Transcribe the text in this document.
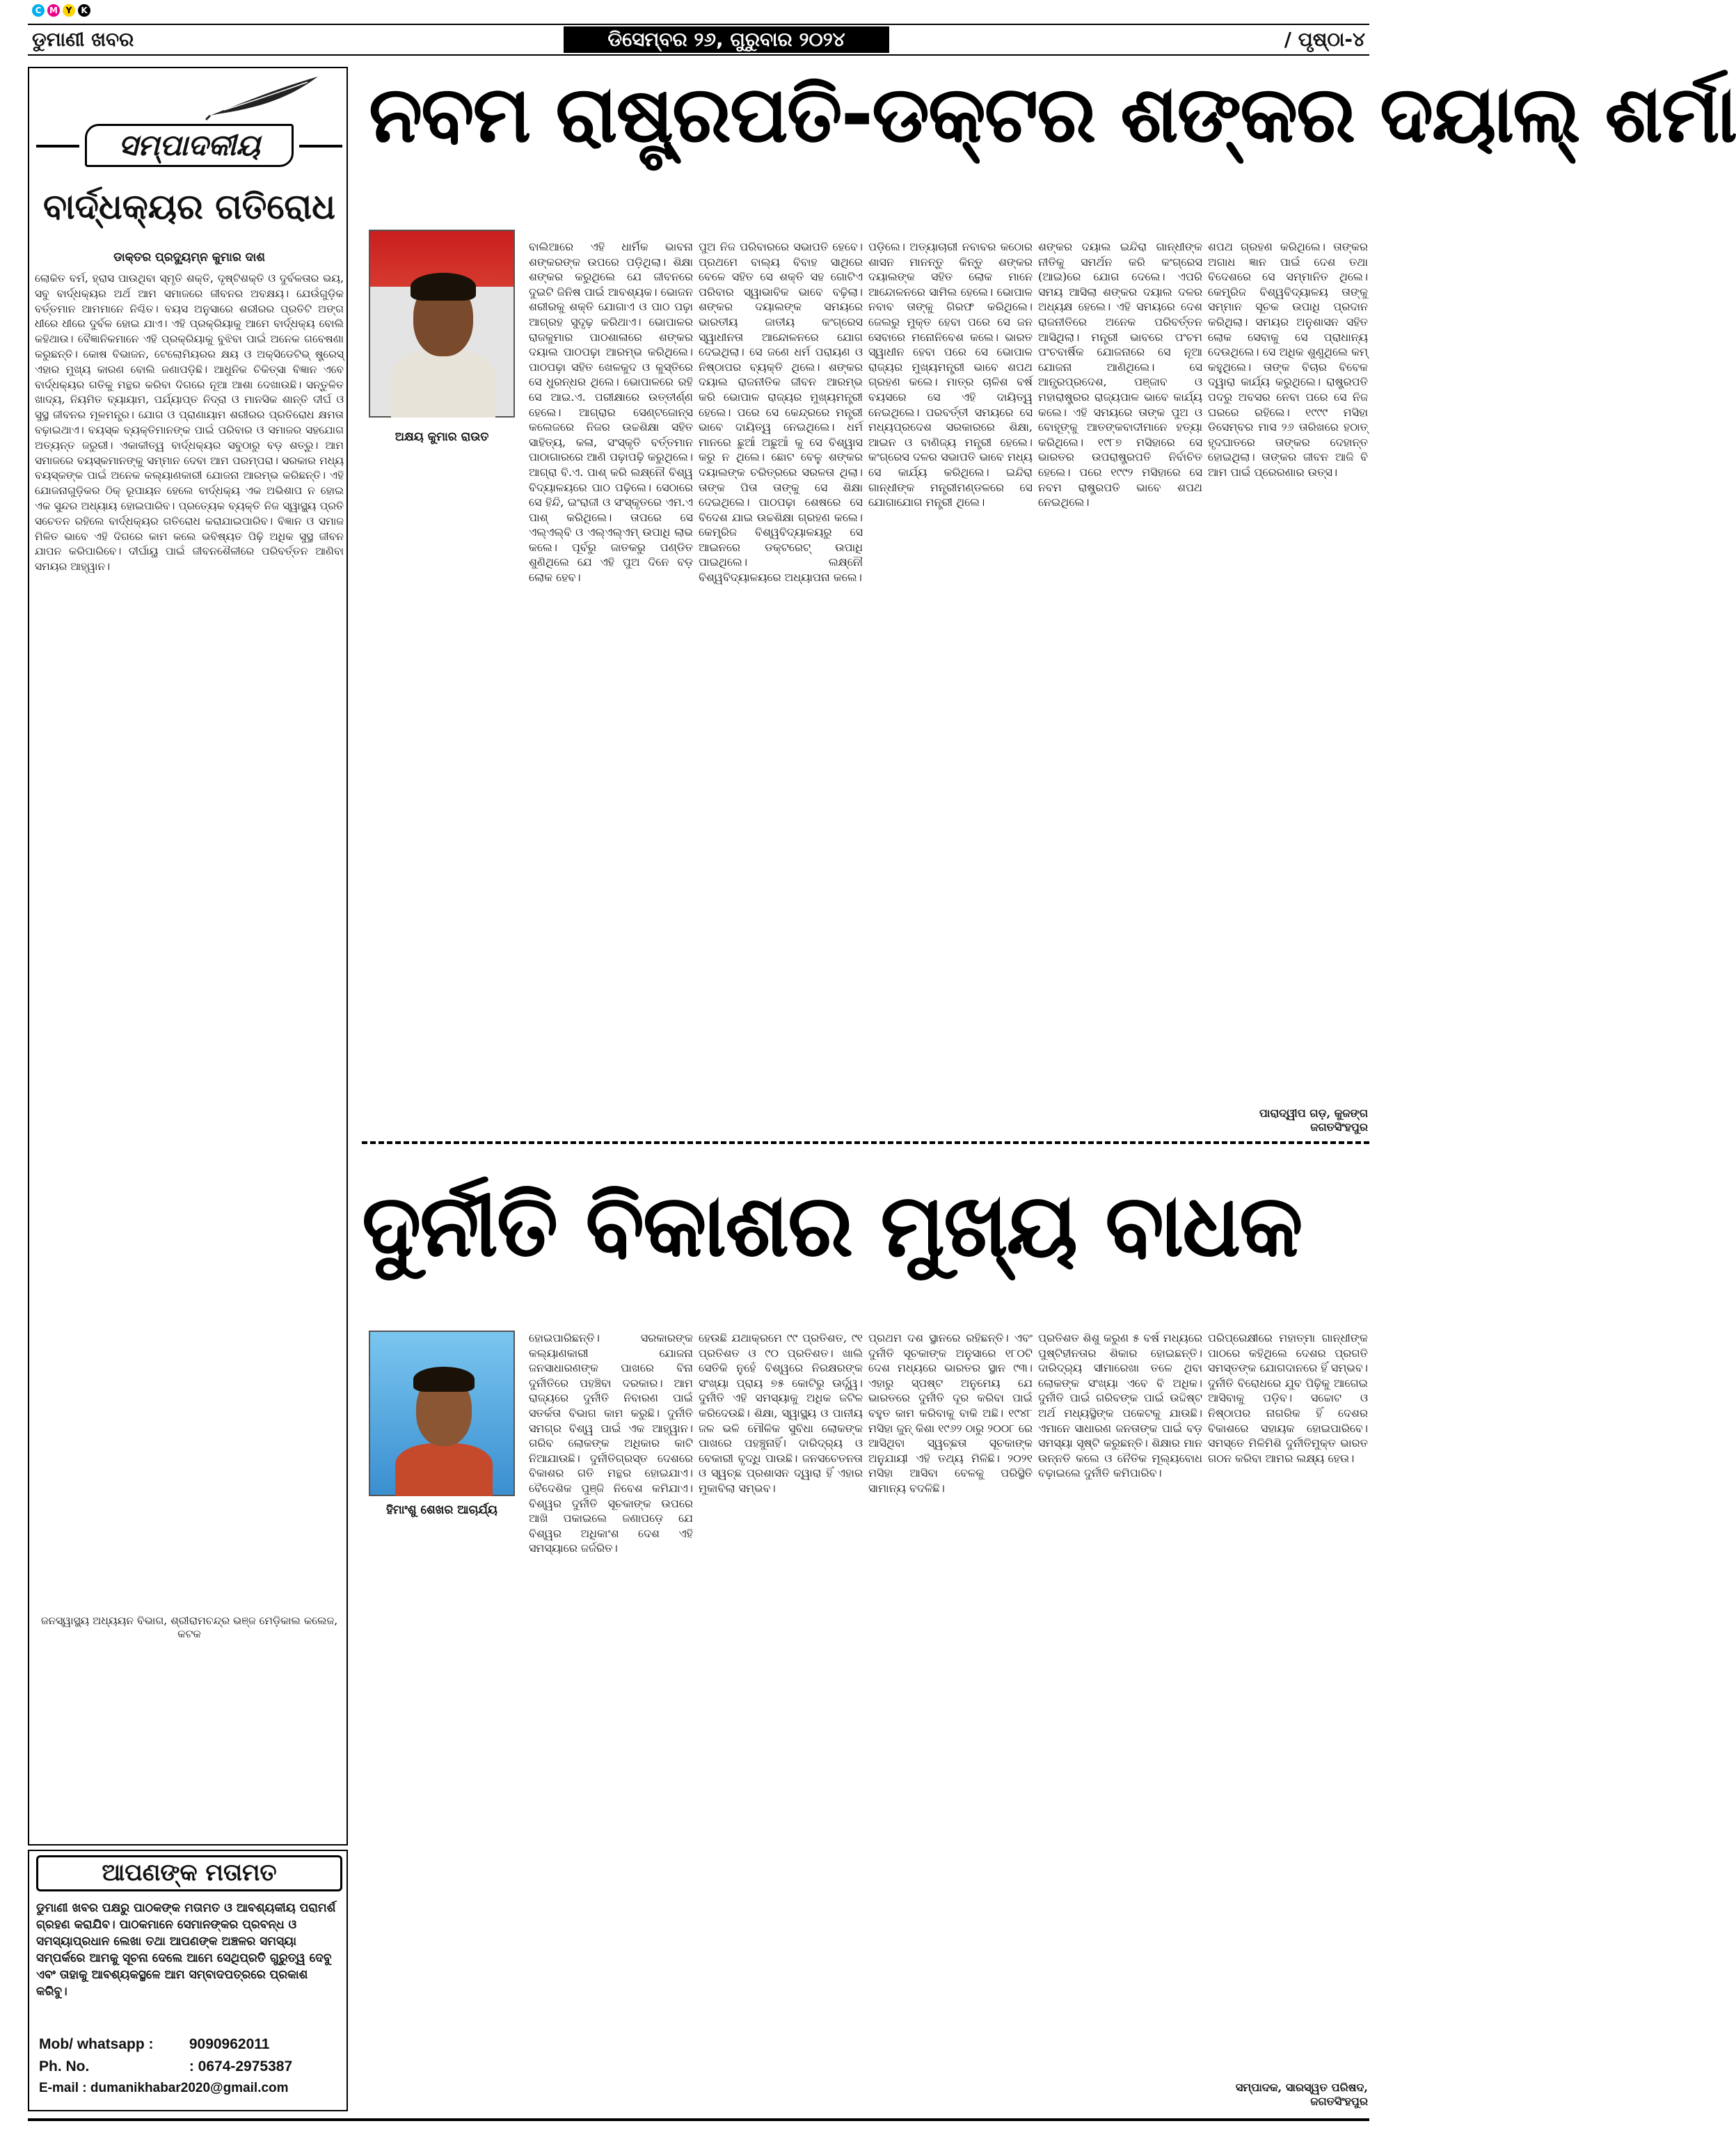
C M Y	K
ଡୁମାଣୀ ଖବର	ଡିସେମ୍ବର ୨୬, ଗୁରୁବାର ୨୦୨୪	/ ପୃଷ୍ଠା-୪
ସମ୍ପାଦକୀୟ
ବାର୍ଦ୍ଧକ୍ୟର ଗତିରୋଧ
ଡାକ୍ତର ପ୍ରଦ୍ୟୁମ୍ନ କୁମାର ଦାଶ
ଲୋକିତ ବର୍ମ, ହ୍ରାସ ପାଉଥିବା ସ୍ମୃତି ଶକ୍ତି, ଦୃଷ୍ଟିଶକ୍ତି ଓ ଦୁର୍ବଳତାର ଭୟ, ସବୁ ବାର୍ଦ୍ଧକ୍ୟର ଅର୍ଥ ଆମ ସମାଜରେ ଜୀବନର ଅବକ୍ଷୟ। ଯେଉଁଗୁଡ଼ିକ ବର୍ତ୍ତମାନ ଆମମାନେ ନିଶ୍ଚିତ। ବୟସ ଅନୁସାରେ ଶରୀରର ପ୍ରତିଟି ଅଙ୍ଗ ଧୀରେ ଧୀରେ ଦୁର୍ବଳ ହୋଇ ଯାଏ। ଏହି ପ୍ରକ୍ରିୟାକୁ ଆମେ ବାର୍ଦ୍ଧକ୍ୟ ବୋଲି କହିଥାଉ। ବୈଜ୍ଞାନିକମାନେ ଏହି ପ୍ରକ୍ରିୟାକୁ ବୁଝିବା ପାଇଁ ଅନେକ ଗବେଷଣା କରୁଛନ୍ତି। କୋଷ ବିଭାଜନ, ଟେଲୋମିୟରର କ୍ଷୟ ଓ ଅକ୍ସିଡେଟିଭ୍ ଷ୍ଟ୍ରେସ୍ ଏହାର ମୁଖ୍ୟ କାରଣ ବୋଲି ଜଣାପଡ଼ିଛି। ଆଧୁନିକ ଚିକିତ୍ସା ବିଜ୍ଞାନ ଏବେ ବାର୍ଦ୍ଧକ୍ୟର ଗତିକୁ ମନ୍ଥର କରିବା ଦିଗରେ ନୂଆ ଆଶା ଦେଖାଉଛି। ସନ୍ତୁଳିତ ଖାଦ୍ୟ, ନିୟମିତ ବ୍ୟାୟାମ, ପର୍ଯ୍ୟାପ୍ତ ନିଦ୍ରା ଓ ମାନସିକ ଶାନ୍ତି ଦୀର୍ଘ ଓ ସୁସ୍ଥ ଜୀବନର ମୂଳମନ୍ତ୍ର। ଯୋଗ ଓ ପ୍ରାଣାୟାମ ଶରୀରର ପ୍ରତିରୋଧ କ୍ଷମତା ବଢ଼ାଇଥାଏ। ବୟସ୍କ ବ୍ୟକ୍ତିମାନଙ୍କ ପାଇଁ ପରିବାର ଓ ସମାଜର ସହଯୋଗ ଅତ୍ୟନ୍ତ ଜରୁରୀ। ଏକାକୀତ୍ୱ ବାର୍ଦ୍ଧକ୍ୟର ସବୁଠାରୁ ବଡ଼ ଶତ୍ରୁ। ଆମ ସମାଜରେ ବୟସ୍କମାନଙ୍କୁ ସମ୍ମାନ ଦେବା ଆମ ପରମ୍ପରା। ସରକାର ମଧ୍ୟ ବୟସ୍କଙ୍କ ପାଇଁ ଅନେକ କଲ୍ୟାଣକାରୀ ଯୋଜନା ଆରମ୍ଭ କରିଛନ୍ତି। ଏହି ଯୋଜନାଗୁଡ଼ିକର ଠିକ୍ ରୂପାୟନ ହେଲେ ବାର୍ଦ୍ଧକ୍ୟ ଏକ ଅଭିଶାପ ନ ହୋଇ ଏକ ସୁନ୍ଦର ଅଧ୍ୟାୟ ହୋଇପାରିବ। ପ୍ରତ୍ୟେକ ବ୍ୟକ୍ତି ନିଜ ସ୍ୱାସ୍ଥ୍ୟ ପ୍ରତି ସଚେତନ ରହିଲେ ବାର୍ଦ୍ଧକ୍ୟର ଗତିରୋଧ କରାଯାଇପାରିବ। ବିଜ୍ଞାନ ଓ ସମାଜ ମିଳିତ ଭାବେ ଏହି ଦିଗରେ କାମ କଲେ ଭବିଷ୍ୟତ ପିଢ଼ି ଅଧିକ ସୁସ୍ଥ ଜୀବନ ଯାପନ କରିପାରିବେ। ଦୀର୍ଘାୟୁ ପାଇଁ ଜୀବନଶୈଳୀରେ ପରିବର୍ତ୍ତନ ଆଣିବା ସମୟର ଆହ୍ୱାନ।
ଜନସ୍ୱାସ୍ଥ୍ୟ ଅଧ୍ୟୟନ ବିଭାଗ, ଶ୍ରୀରାମଚନ୍ଦ୍ର ଭଞ୍ଜ ମେଡ଼ିକାଲ କଲେଜ, କଟକ
ଆପଣଙ୍କ ମତାମତ
ଡୁମାଣୀ ଖବର ପକ୍ଷରୁ ପାଠକଙ୍କ ମତାମତ ଓ ଆବଶ୍ୟକୀୟ ପରାମର୍ଶ ଗ୍ରହଣ କରାଯିବ। ପାଠକମାନେ ସେମାନଙ୍କର ପ୍ରବନ୍ଧ ଓ ସମସ୍ୟାପ୍ରଧାନ ଲେଖା ତଥା ଆପଣଙ୍କ ଅଞ୍ଚଳର ସମସ୍ୟା ସମ୍ପର୍କରେ ଆମକୁ ସୂଚନା ଦେଲେ ଆମେ ସେଥିପ୍ରତି ଗୁରୁତ୍ୱ ଦେବୁ ଏବଂ ତାହାକୁ ଆବଶ୍ୟକସ୍ଥଳେ ଆମ ସମ୍ବାଦପତ୍ରରେ ପ୍ରକାଶ କରିବୁ।
Mob/ whatsapp : 9090962011
Ph. No.	: 0674-2975387
E-mail : dumanikhabar2020@gmail.com
ନବମ ରାଷ୍ଟ୍ରପତି-ଡକ୍ଟର ଶଙ୍କର ଦୟାଲ୍ ଶର୍ମା
ଅକ୍ଷୟ କୁମାର ରାଉତ
ବାଲିଆରେ ଏହି ଧାର୍ମିକ ଭାବନା ଶଙ୍କରଙ୍କ ଉପରେ ପଡ଼ିଥିଲା। ଶିକ୍ଷା ଶଙ୍କର କରୁଥିଲେ ଯେ ଜୀବନରେ ଦୁଇଟି ଜିନିଷ ପାଇଁ ଆବଶ୍ୟକ। ଭୋଜନ ଶରୀରକୁ ଶକ୍ତି ଯୋଗାଏ ଓ ପାଠ ପଢ଼ା ଆଗ୍ରହ ସୁଦୃଢ଼ କରିଥାଏ। ଭୋପାଳର ରାଜକୁମାର ପାଠଶାଳାରେ ଶଙ୍କର ଦୟାଲ ପାଠପଢ଼ା ଆରମ୍ଭ କରିଥିଲେ। ପାଠପଢ଼ା ସହିତ ଖେଳକୁଦ ଓ କୁସ୍ତିରେ ସେ ଧୁରନ୍ଧର ଥିଲେ। ଭୋପାଳରେ ରହି ସେ ଆଇ.ଏ. ପରୀକ୍ଷାରେ ଉତ୍ତୀର୍ଣ୍ଣ ହେଲେ। ଆଗ୍ରାର ସେଣ୍ଟଜୋନ୍ସ କଲେଜରେ ନିଜର ଉଚ୍ଚଶିକ୍ଷା ସହିତ ସାହିତ୍ୟ, କଳା, ସଂସ୍କୃତି ବର୍ତ୍ତମାନ ପାଠାଗାରରେ ଆଣି ପଢ଼ାପଢ଼ି କରୁଥିଲେ। ଆଗ୍ରା ବି.ଏ. ପାଶ୍ କରି ଲକ୍ଷ୍ନୌ ବିଶ୍ୱ ବିଦ୍ୟାଳୟରେ ପାଠ ପଢ଼ିଲେ। ସେଠାରେ ସେ ହିନ୍ଦି, ଇଂରାଜୀ ଓ ସଂସ୍କୃତରେ ଏମ.ଏ ପାଶ୍ କରିଥିଲେ। ତାପରେ ସେ ଏଲ୍‌ଏଲ୍‌ବି ଓ ଏଲ୍‌ଏଲ୍‌ଏମ୍ ଉପାଧି ଲାଭ କଲେ। ପୂର୍ବରୁ ଜାତକରୁ ପଣ୍ଡିତ ଶୁଣିଥିଲେ ଯେ ଏହି ପୁଅ ଦିନେ ବଡ଼ ଲୋକ ହେବ।
ପୁଅ ନିଜ ପରିବାରରେ ସଭାପତି ହେବେ। ପ୍ରଥମେ ବାଲ୍ୟ ବିବାହ ସାଥିରେ ବେଳେ ସହିତ ସେ ଶକ୍ତି ସହ ଗୋଟିଏ ପରିବାର ସ୍ୱାଭାବିକ ଭାବେ ବଢ଼ିଲା। ଶଙ୍କର ଦୟାଲଙ୍କ ସମୟରେ ଭାରତୀୟ ଜାତୀୟ କଂଗ୍ରେସ ସ୍ୱାଧୀନତା ଆନ୍ଦୋଳନରେ ଯୋଗ ଦେଇଥିଲା। ସେ ଜଣେ ଧର୍ମ ପରାୟଣ ଓ ନିଷ୍ଠାପର ବ୍ୟକ୍ତି ଥିଲେ। ଶଙ୍କର ଦୟାଲ ରାଜନୀତିକ ଜୀବନ ଆରମ୍ଭ କରି ଭୋପାଳ ରାଜ୍ୟର ମୁଖ୍ୟମନ୍ତ୍ରୀ ହେଲେ। ପରେ ସେ କେନ୍ଦ୍ରରେ ମନ୍ତ୍ରୀ ଭାବେ ଦାୟିତ୍ୱ ନେଇଥିଲେ। ଧର୍ମ ମାନରେ ଛୁଆଁ ଅଛୁଆଁ କୁ ସେ ବିଶ୍ୱାସ କରୁ ନ ଥିଲେ। ଛୋଟ ବେଳୁ ଶଙ୍କର ଦୟାଲଙ୍କ ଚରିତ୍ରରେ ସରଳତା ଥିଲା। ତାଙ୍କ ପିତା ତାଙ୍କୁ ସେ ଶିକ୍ଷା ଦେଇଥିଲେ। ପାଠପଢ଼ା ଶେଷରେ ସେ ବିଦେଶ ଯାଇ ଉଚ୍ଚଶିକ୍ଷା ଗ୍ରହଣ କଲେ। କେମ୍ବ୍ରିଜ ବିଶ୍ୱବିଦ୍ୟାଳୟରୁ ସେ ଆଇନରେ ଡକ୍ଟରେଟ୍ ଉପାଧି ପାଇଥିଲେ। ଲକ୍ଷ୍ନୌ ବିଶ୍ୱବିଦ୍ୟାଳୟରେ ଅଧ୍ୟାପନା କଲେ।
ପଡ଼ିଲେ। ଅତ୍ୟାଚାରୀ ନବାବର କଠୋର ଶାସନ ମାନନ୍ତୁ କିନ୍ତୁ ଶଙ୍କର ଦୟାଲଙ୍କ ସହିତ ଲୋକ ମାନେ ଆନ୍ଦୋଳନରେ ସାମିଲ ହେଲେ। ଭୋପାଳ ନବାବ ତାଙ୍କୁ ଗିରଫ କରିଥିଲେ। ଜେଲରୁ ମୁକ୍ତ ହେବା ପରେ ସେ ଜନ ସେବାରେ ମନୋନିବେଶ କଲେ। ଭାରତ ସ୍ୱାଧୀନ ହେବା ପରେ ସେ ଭୋପାଳ ରାଜ୍ୟର ମୁଖ୍ୟମନ୍ତ୍ରୀ ଭାବେ ଶପଥ ଗ୍ରହଣ କଲେ। ମାତ୍ର ଚାଳିଶ ବର୍ଷ ବୟସରେ ସେ ଏହି ଦାୟିତ୍ୱ ନେଇଥିଲେ। ପରବର୍ତ୍ତୀ ସମୟରେ ସେ ମଧ୍ୟପ୍ରଦେଶ ସରକାରରେ ଶିକ୍ଷା, ଆଇନ ଓ ବାଣିଜ୍ୟ ମନ୍ତ୍ରୀ ହେଲେ। କଂଗ୍ରେସ ଦଳର ସଭାପତି ଭାବେ ମଧ୍ୟ ସେ କାର୍ଯ୍ୟ କରିଥିଲେ। ଇନ୍ଦିରା ଗାନ୍ଧୀଙ୍କ ମନ୍ତ୍ରୀମଣ୍ଡଳରେ ସେ ଯୋଗାଯୋଗ ମନ୍ତ୍ରୀ ଥିଲେ।
ଶଙ୍କର ଦୟାଲ ଇନ୍ଦିରା ଗାନ୍ଧୀଙ୍କ ନୀତିକୁ ସମର୍ଥନ କରି କଂଗ୍ରେସ (ଆଇ)ରେ ଯୋଗ ଦେଲେ। ଏପରି ସମୟ ଆସିଲା ଶଙ୍କର ଦୟାଲ ଦଳର ଅଧ୍ୟକ୍ଷ ହେଲେ। ଏହି ସମୟରେ ଦେଶ ରାଜନୀତିରେ ଅନେକ ପରିବର୍ତ୍ତନ ଆସିଥିଲା। ମନ୍ତ୍ରୀ ଭାବରେ ପଂଚମ ପଂଚବାର୍ଷିକ ଯୋଜନାରେ ସେ ନୂଆ ଯୋଜନା ଆଣିଥିଲେ। ସେ ଆନ୍ଧ୍ରପ୍ରଦେଶ, ପଞ୍ଜାବ ଓ ମହାରାଷ୍ଟ୍ରର ରାଜ୍ୟପାଳ ଭାବେ କାର୍ଯ୍ୟ କଲେ। ଏହି ସମୟରେ ତାଙ୍କ ପୁଅ ଓ ବୋହୂଙ୍କୁ ଆତଙ୍କବାଦୀମାନେ ହତ୍ୟା କରିଥିଲେ। ୧୯୮୭ ମସିହାରେ ସେ ଭାରତର ଉପରାଷ୍ଟ୍ରପତି ନିର୍ବାଚିତ ହେଲେ। ପରେ ୧୯୯୨ ମସିହାରେ ସେ ନବମ ରାଷ୍ଟ୍ରପତି ଭାବେ ଶପଥ ନେଇଥିଲେ।
ଶପଥ ଗ୍ରହଣ କରିଥିଲେ। ତାଙ୍କର ଅଗାଧ ଜ୍ଞାନ ପାଇଁ ଦେଶ ତଥା ବିଦେଶରେ ସେ ସମ୍ମାନିତ ଥିଲେ। କେମ୍ବ୍ରିଜ ବିଶ୍ୱବିଦ୍ୟାଳୟ ତାଙ୍କୁ ସମ୍ମାନ ସୂଚକ ଉପାଧି ପ୍ରଦାନ କରିଥିଲା। ସମୟର ଅନୁଶାସନ ସହିତ ଲୋକ ସେବାକୁ ସେ ପ୍ରାଧାନ୍ୟ ଦେଉଥିଲେ। ସେ ଅଧିକ ଶୁଣୁଥିଲେ କମ୍ କହୁଥିଲେ। ତାଙ୍କ ବିଚାର ବିବେକ ଦ୍ୱାରା କାର୍ଯ୍ୟ କରୁଥିଲେ। ରାଷ୍ଟ୍ରପତି ପଦରୁ ଅବସର ନେବା ପରେ ସେ ନିଜ ଘରରେ ରହିଲେ। ୧୯୯୯ ମସିହା ଡିସେମ୍ବର ମାସ ୨୬ ତାରିଖରେ ହଠାତ୍ ହୃଦଘାତରେ ତାଙ୍କର ଦେହାନ୍ତ ହୋଇଥିଲା। ତାଙ୍କର ଜୀବନ ଆଜି ବି ଆମ ପାଇଁ ପ୍ରେରଣାର ଉତ୍ସ।
ପାରାଦ୍ୱୀପ ଗଡ଼, କୁଜଙ୍ଗ ଜଗତସିଂହପୁର
ଦୁର୍ନୀତି ବିକାଶର ମୁଖ୍ୟ ବାଧକ
ହିମାଂଶୁ ଶେଖର ଆଚାର୍ଯ୍ୟ
ହୋଇପାରିଛନ୍ତି। ସରକାରଙ୍କ କଲ୍ୟାଣକାରୀ ଯୋଜନା ଜନସାଧାରଣଙ୍କ ପାଖରେ ବିନା ଦୁର୍ନୀତିରେ ପହଞ୍ଚିବା ଦରକାର। ଆମ ରାଜ୍ୟରେ ଦୁର୍ନୀତି ନିବାରଣ ପାଇଁ ସତର୍କତା ବିଭାଗ କାମ କରୁଛି। ଦୁର୍ନୀତି ସମଗ୍ର ବିଶ୍ୱ ପାଇଁ ଏକ ଆହ୍ୱାନ। ଗରିବ ଲୋକଙ୍କ ଅଧିକାର କାଟି ନିଆଯାଉଛି। ଦୁର୍ନୀତିଗ୍ରସ୍ତ ଦେଶରେ ବିକାଶର ଗତି ମନ୍ଥର ହୋଇଯାଏ। ବୈଦେଶିକ ପୁଞ୍ଜି ନିବେଶ କମିଯାଏ। ବିଶ୍ୱର ଦୁର୍ନୀତି ସୂଚକାଙ୍କ ଉପରେ ଆଖି ପକାଇଲେ ଜଣାପଡ଼େ ଯେ ବିଶ୍ୱର ଅଧିକାଂଶ ଦେଶ ଏହି ସମସ୍ୟାରେ ଜର୍ଜରିତ।
ହେଉଛି ଯଥାକ୍ରମେ ୯୯ ପ୍ରତିଶତ, ୯୧ ପ୍ରତିଶତ ଓ ୯୦ ପ୍ରତିଶତ। ଖାଲି ସେତିକି ନୁହେଁ ବିଶ୍ୱରେ ନିରକ୍ଷରଙ୍କ ସଂଖ୍ୟା ପ୍ରାୟ ୭୫ କୋଟିରୁ ଊର୍ଦ୍ଧ୍ୱ। ଦୁର୍ନୀତି ଏହି ସମସ୍ୟାକୁ ଅଧିକ ଜଟିଳ କରିଦେଉଛି। ଶିକ୍ଷା, ସ୍ୱାସ୍ଥ୍ୟ ଓ ପାନୀୟ ଜଳ ଭଳି ମୌଳିକ ସୁବିଧା ଲୋକଙ୍କ ପାଖରେ ପହଞ୍ଚୁନାହିଁ। ଦାରିଦ୍ର୍ୟ ଓ ବେକାରୀ ବୃଦ୍ଧି ପାଉଛି। ଜନସଚେତନତା ଓ ସ୍ୱଚ୍ଛ ପ୍ରଶାସନ ଦ୍ୱାରା ହିଁ ଏହାର ମୁକାବିଲା ସମ୍ଭବ।
ପ୍ରଥମ ଦଶ ସ୍ଥାନରେ ରହିଛନ୍ତି। ଏବଂ ଦୁର୍ନୀତି ସୂଚକାଙ୍କ ଅନୁସାରେ ୧୮୦ଟି ଦେଶ ମଧ୍ୟରେ ଭାରତର ସ୍ଥାନ ୯୩। ଏହାରୁ ସ୍ପଷ୍ଟ ଅନୁମେୟ ଯେ ଭାରତରେ ଦୁର୍ନୀତି ଦୂର କରିବା ପାଇଁ ବହୁତ କାମ କରିବାକୁ ବାକି ଅଛି। ୧୯୪୮ ମସିହା ଜୁନ୍ କିଶା ୧୯୬୨ ଠାରୁ ୨୦୦୮ ରେ ଆସିଥିବା ସ୍ୱଚ୍ଛତା ସୂଚକାଙ୍କ ଅନୁଯାୟୀ ଏହି ତଥ୍ୟ ମିଳିଛି। ୨୦୨୧ ମସିହା ଆସିବା ବେଳକୁ ପରିସ୍ଥିତି ସାମାନ୍ୟ ବଦଳିଛି।
ପ୍ରତିଶତ ଶିଶୁ କରୁଣ ୫ ବର୍ଷ ମଧ୍ୟରେ ପୁଷ୍ଟିହୀନତାର ଶିକାର ହୋଇଛନ୍ତି। ଦାରିଦ୍ର୍ୟ ସୀମାରେଖା ତଳେ ଥିବା ଲୋକଙ୍କ ସଂଖ୍ୟା ଏବେ ବି ଅଧିକ। ଦୁର୍ନୀତି ପାଇଁ ଗରିବଙ୍କ ପାଇଁ ଉଦ୍ଦିଷ୍ଟ ଅର୍ଥ ମଧ୍ୟସ୍ଥିଙ୍କ ପକେଟକୁ ଯାଉଛି। ଏମାନେ ସାଧାରଣ ଜନତାଙ୍କ ପାଇଁ ବଡ଼ ସମସ୍ୟା ସୃଷ୍ଟି କରୁଛନ୍ତି। ଶିକ୍ଷାର ମାନ ଉନ୍ନତି କଲେ ଓ ନୈତିକ ମୂଲ୍ୟବୋଧ ବଢ଼ାଇଲେ ଦୁର୍ନୀତି କମିପାରିବ।
ପରିପ୍ରେକ୍ଷୀରେ ମହାତ୍ମା ଗାନ୍ଧୀଙ୍କ ପାଠରେ କହିଥିଲେ ଦେଶର ପ୍ରଗତି ସମସ୍ତଙ୍କ ଯୋଗଦାନରେ ହିଁ ସମ୍ଭବ। ଦୁର୍ନୀତି ବିରୋଧରେ ଯୁବ ପିଢ଼ିକୁ ଆଗେଇ ଆସିବାକୁ ପଡ଼ିବ। ସଚ୍ଚୋଟ ଓ ନିଷ୍ଠାପର ନାଗରିକ ହିଁ ଦେଶର ବିକାଶରେ ସହାୟକ ହୋଇପାରିବେ। ସମସ୍ତେ ମିଳିମିଶି ଦୁର୍ନୀତିମୁକ୍ତ ଭାରତ ଗଠନ କରିବା ଆମର ଲକ୍ଷ୍ୟ ହେଉ।
ସମ୍ପାଦକ, ସାରସ୍ୱତ ପରିଷଦ, ଜଗତସିଂହପୁର
